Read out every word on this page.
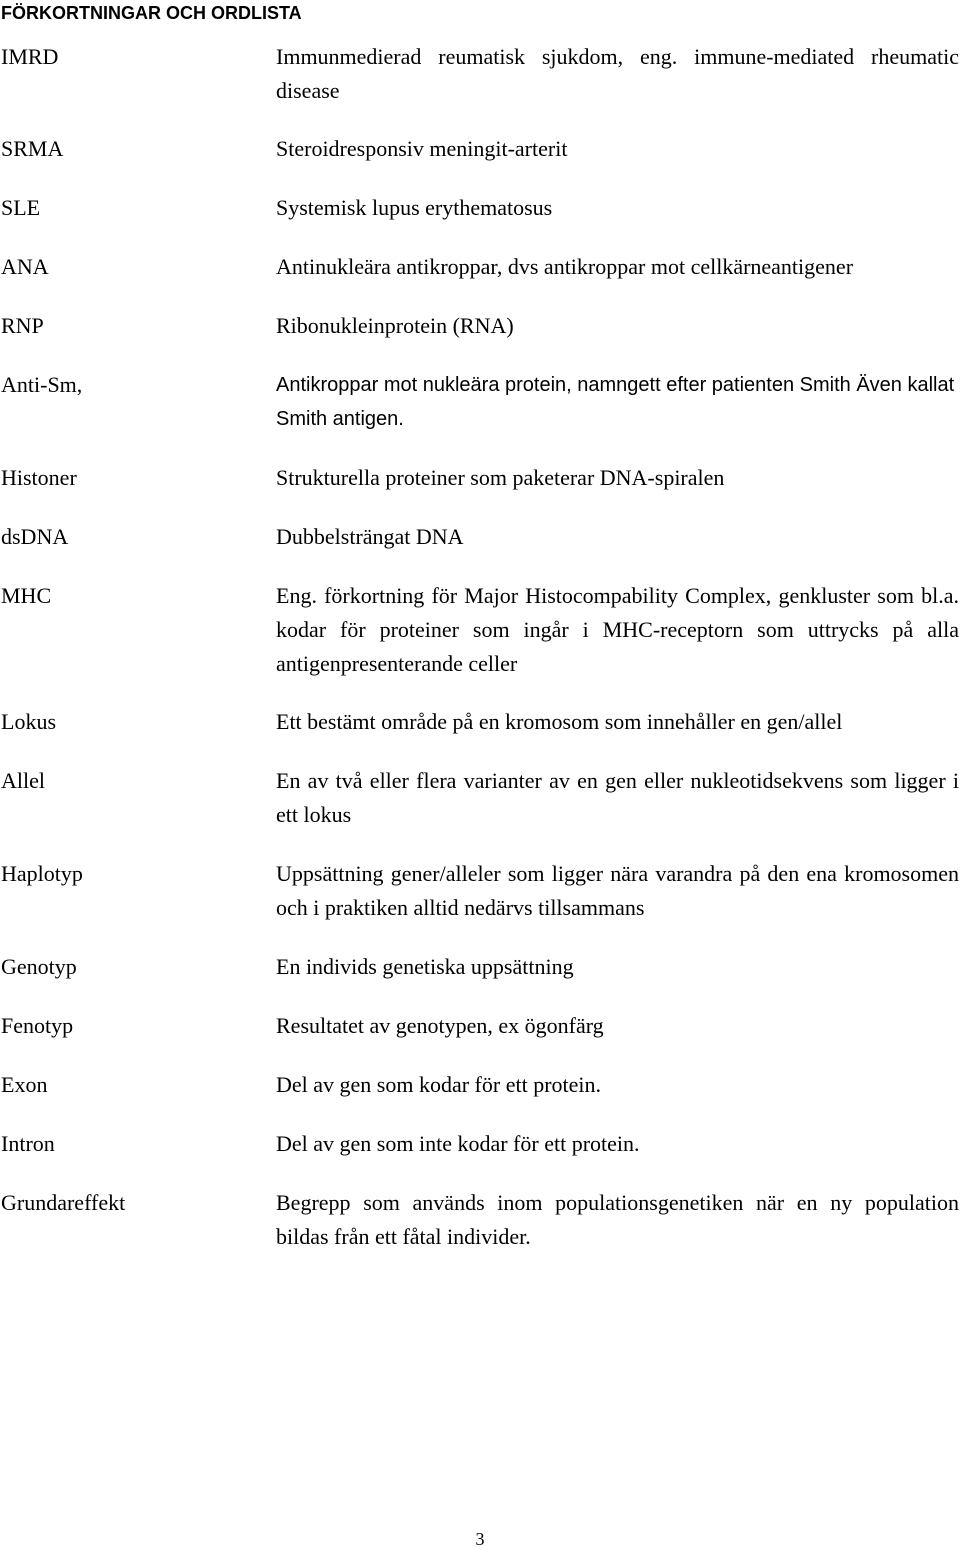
FÖRKORTNINGAR OCH ORDLISTA
IMRD	Immunmedierad reumatisk sjukdom, eng. immune-mediated rheumatic disease
SRMA	Steroidresponsiv meningit-arterit
SLE	Systemisk lupus erythematosus
ANA	Antinukleära antikroppar, dvs antikroppar mot cellkärneantigener
RNP	Ribonukleinprotein (RNA)
Anti-Sm,	Antikroppar mot nukleära protein, namngett efter patienten Smith Även kallat Smith antigen.
Histoner	Strukturella proteiner som paketerar DNA-spiralen
dsDNA	Dubbelsträngat DNA
MHC	Eng. förkortning för Major Histocompability Complex, genkluster som bl.a. kodar för proteiner som ingår i MHC-receptorn som uttrycks på alla antigenpresenterande celler
Lokus	Ett bestämt område på en kromosom som innehåller en gen/allel
Allel	En av två eller flera varianter av en gen eller nukleotidsekvens som ligger i ett lokus
Haplotyp	Uppsättning gener/alleler som ligger nära varandra på den ena kromosomen och i praktiken alltid nedärvs tillsammans
Genotyp	En individs genetiska uppsättning
Fenotyp	Resultatet av genotypen, ex ögonfärg
Exon	Del av gen som kodar för ett protein.
Intron	Del av gen som inte kodar för ett protein.
Grundareffekt	Begrepp som används inom populationsgenetiken när en ny population bildas från ett fåtal individer.
3
